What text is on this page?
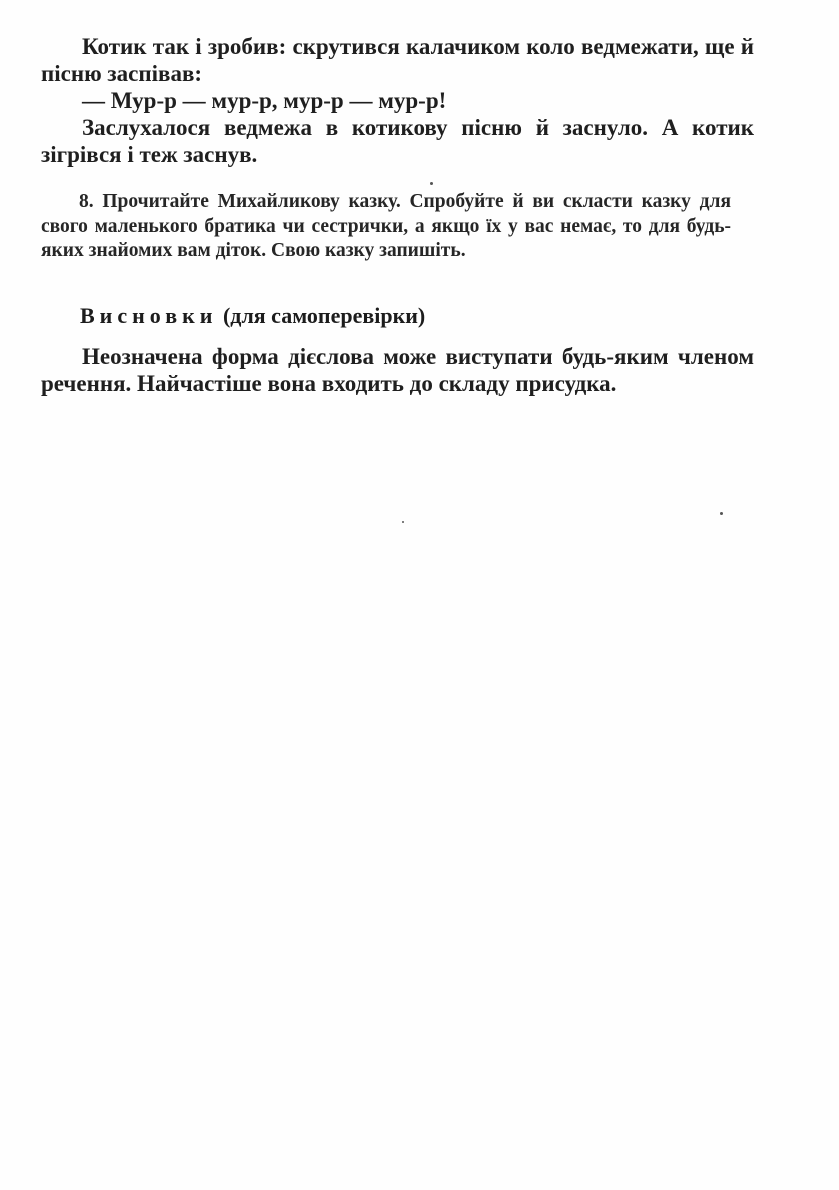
Котик так і зробив: скрутився калачиком коло ведмежати, ще й пісню заспівав:

— Мур-р — мур-р, мур-р — мур-р!

Заслухалося ведмежа в котикову пісню й заснуло. А котик зігрівся і теж заснув.

8. Прочитайте Михайликову казку. Спробуйте й ви скласти казку для свого маленького братика чи сестрички, а якщо їх у вас немає, то для будь-яких знайомих вам діток. Свою казку запишіть.
Висновки (для самоперевірки)
Неозначена форма дієслова може виступати будь-яким членом речення. Найчастіше вона входить до складу присудка.
